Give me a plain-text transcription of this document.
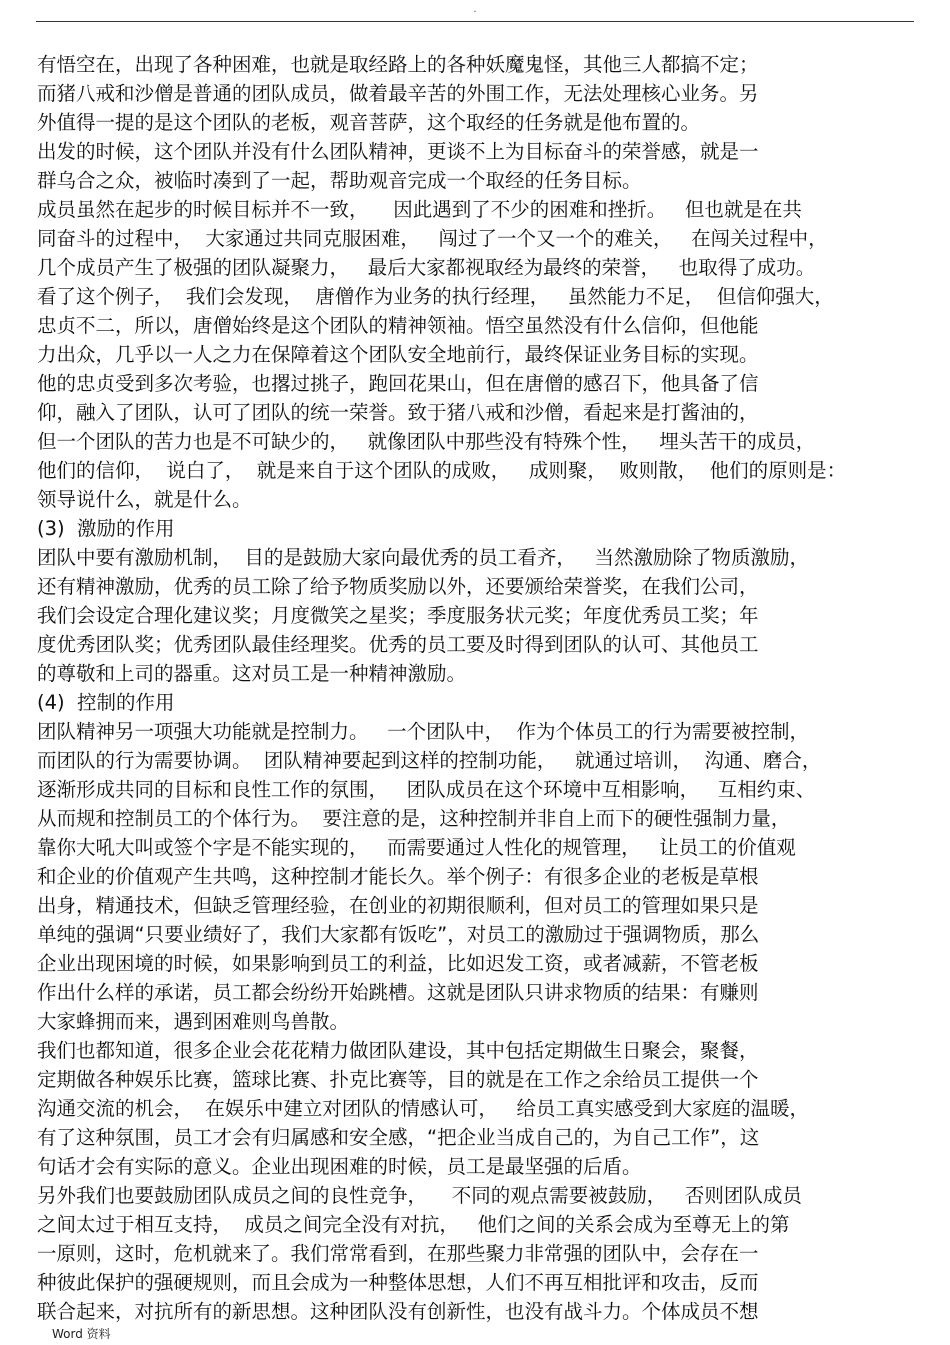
.
有悟空在，出现了各种困难，也就是取经路上的各种妖魔鬼怪，其他三人都搞不定；
而猪八戒和沙僧是普通的团队成员，做着最辛苦的外围工作，无法处理核心业务。另
外值得一提的是这个团队的老板，观音菩萨，这个取经的任务就是他布置的。
出发的时候，这个团队并没有什么团队精神，更谈不上为目标奋斗的荣誉感，就是一
群乌合之众，被临时凑到了一起，帮助观音完成一个取经的任务目标。
成员虽然在起步的时候目标并不一致，    因此遇到了不少的困难和挫折。   但也就是在共
同奋斗的过程中，  大家通过共同克服困难，   闯过了一个又一个的难关，   在闯关过程中，
几个成员产生了极强的团队凝聚力，   最后大家都视取经为最终的荣誉，   也取得了成功。
看了这个例子，  我们会发现，  唐僧作为业务的执行经理，   虽然能力不足，  但信仰强大，
忠贞不二，所以，唐僧始终是这个团队的精神领袖。悟空虽然没有什么信仰，但他能
力出众，几乎以一人之力在保障着这个团队安全地前行，最终保证业务目标的实现。
他的忠贞受到多次考验，也撂过挑子，跑回花果山，但在唐僧的感召下，他具备了信
仰，融入了团队，认可了团队的统一荣誉。致于猪八戒和沙僧，看起来是打酱油的，
但一个团队的苦力也是不可缺少的，   就像团队中那些没有特殊个性，   埋头苦干的成员，
他们的信仰，  说白了，  就是来自于这个团队的成败，   成则聚，  败则散，  他们的原则是：
领导说什么，就是什么。
(3)  激励的作用
团队中要有激励机制，  目的是鼓励大家向最优秀的员工看齐，   当然激励除了物质激励，
还有精神激励，优秀的员工除了给予物质奖励以外，还要颁给荣誉奖，在我们公司，
我们会设定合理化建议奖；月度微笑之星奖；季度服务状元奖；年度优秀员工奖；年
度优秀团队奖；优秀团队最佳经理奖。优秀的员工要及时得到团队的认可、其他员工
的尊敬和上司的器重。这对员工是一种精神激励。
(4)  控制的作用
团队精神另一项强大功能就是控制力。   一个团队中，  作为个体员工的行为需要被控制，
而团队的行为需要协调。  团队精神要起到这样的控制功能，   就通过培训，  沟通、磨合，
逐渐形成共同的目标和良性工作的氛围，   团队成员在这个环境中互相影响，   互相约束、
从而规和控制员工的个体行为。  要注意的是，这种控制并非自上而下的硬性强制力量，
靠你大吼大叫或签个字是不能实现的，   而需要通过人性化的规管理，   让员工的价值观
和企业的价值观产生共鸣，这种控制才能长久。举个例子：有很多企业的老板是草根
出身，精通技术，但缺乏管理经验，在创业的初期很顺利，但对员工的管理如果只是
单纯的强调“只要业绩好了，我们大家都有饭吃”，对员工的激励过于强调物质，那么
企业出现困境的时候，如果影响到员工的利益，比如迟发工资，或者减薪，不管老板
作出什么样的承诺，员工都会纷纷开始跳槽。这就是团队只讲求物质的结果：有赚则
大家蜂拥而来，遇到困难则鸟兽散。
我们也都知道，很多企业会花花精力做团队建设，其中包括定期做生日聚会，聚餐，
定期做各种娱乐比赛，篮球比赛、扑克比赛等，目的就是在工作之余给员工提供一个
沟通交流的机会，  在娱乐中建立对团队的情感认可，   给员工真实感受到大家庭的温暖，
有了这种氛围，员工才会有归属感和安全感，“把企业当成自己的，为自己工作”，这
句话才会有实际的意义。企业出现困难的时候，员工是最坚强的后盾。
另外我们也要鼓励团队成员之间的良性竞争，    不同的观点需要被鼓励，   否则团队成员
之间太过于相互支持，  成员之间完全没有对抗，   他们之间的关系会成为至尊无上的第
一原则，这时，危机就来了。我们常常看到，在那些聚力非常强的团队中，会存在一
种彼此保护的强硬规则，而且会成为一种整体思想，人们不再互相批评和攻击，反而
联合起来，对抗所有的新思想。这种团队没有创新性，也没有战斗力。个体成员不想
Word 资料
